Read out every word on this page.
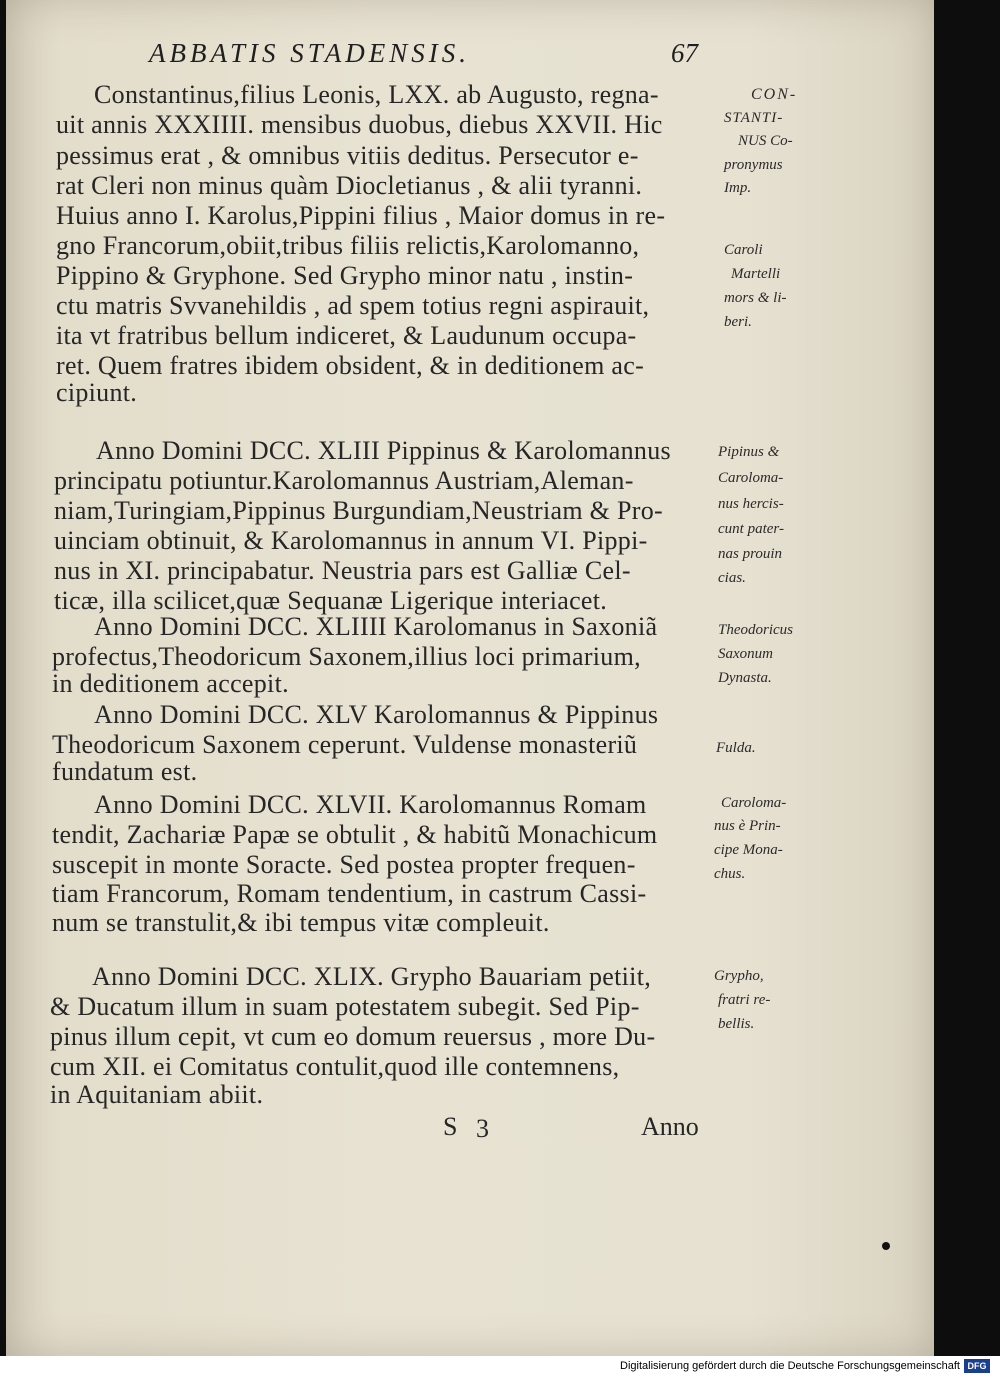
ABBATIS STADENSIS.	67
Constantinus,filius Leonis, LXX. ab Augusto, regna-
uit annis XXXIIII. mensibus duobus, diebus XXVII. Hic
pessimus erat , & omnibus vitiis deditus. Persecutor e-
rat Cleri non minus quàm Diocletianus , & alii tyranni.
Huius anno I. Karolus,Pippini filius , Maior domus in re-
gno Francorum,obiit,tribus filiis relictis,Karolomanno,
Pippino & Gryphone. Sed Grypho minor natu , instin-
ctu matris Svvanehildis , ad spem totius regni aspirauit,
ita vt fratribus bellum indiceret, & Laudunum occupa-
ret. Quem fratres ibidem obsident, & in deditionem ac-
cipiunt.
Anno Domini DCC. XLIII Pippinus & Karolomannus
principatu potiuntur.Karolomannus Austriam,Aleman-
niam,Turingiam,Pippinus Burgundiam,Neustriam & Pro-
uinciam obtinuit, & Karolomannus in annum VI. Pippi-
nus in XI. principabatur. Neustria pars est Galliæ Cel-
ticæ, illa scilicet,quæ Sequanæ Ligerique interiacet.
Anno Domini DCC. XLIIII Karolomanus in Saxoniã
profectus,Theodoricum Saxonem,illius loci primarium,
in deditionem accepit.
Anno Domini DCC. XLV Karolomannus & Pippinus
Theodoricum Saxonem ceperunt. Vuldense monasteriũ
fundatum est.
Anno Domini DCC. XLVII. Karolomannus Romam
tendit, Zachariæ Papæ se obtulit , & habitũ Monachicum
suscepit in monte Soracte. Sed postea propter frequen-
tiam Francorum, Romam tendentium, in castrum Cassi-
num se transtulit,& ibi tempus vitæ compleuit.
Anno Domini DCC. XLIX. Grypho Bauariam petiit,
& Ducatum illum in suam potestatem subegit. Sed Pip-
pinus illum cepit, vt cum eo domum reuersus , more Du-
cum XII. ei Comitatus contulit,quod ille contemnens,
in Aquitaniam abiit.
CON-
STANTI-
NUS Co-
pronymus
Imp.
Caroli
Martelli
mors & li-
beri.
Pipinus &
Caroloma-
nus hercis-
cunt pater-
nas prouin
cias.
Theodoricus
Saxonum
Dynasta.
Fulda.
Caroloma-
nus è Prin-
cipe Mona-
chus.
Grypho,
fratri re-
bellis.
S 3	Anno
Digitalisierung gefördert durch die Deutsche Forschungsgemeinschaft DFG
